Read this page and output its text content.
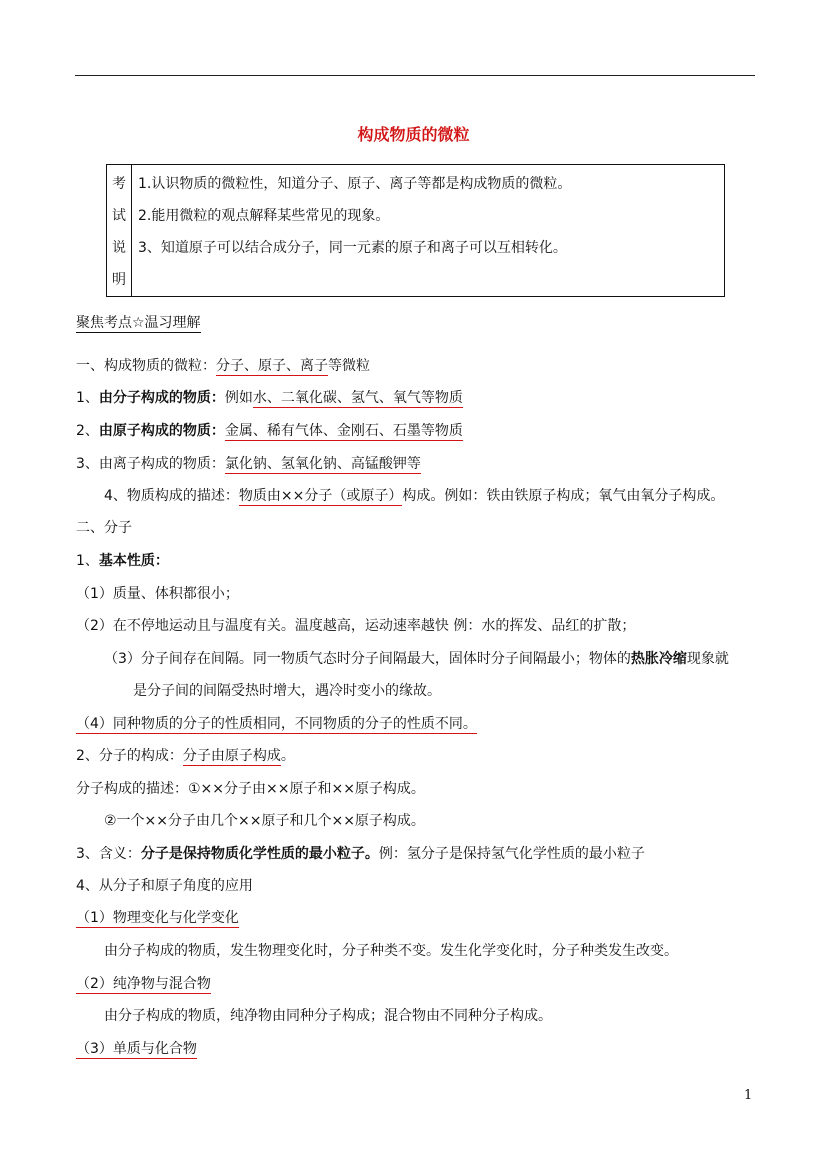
构成物质的微粒
考
试
说
明
1.认识物质的微粒性，知道分子、原子、离子等都是构成物质的微粒。
2.能用微粒的观点解释某些常见的现象。
3、知道原子可以结合成分子，同一元素的原子和离子可以互相转化。
聚焦考点☆温习理解
一、构成物质的微粒：分子、原子、离子等微粒
1、由分子构成的物质：例如水、二氧化碳、氢气、氧气等物质
2、由原子构成的物质：金属、稀有气体、金刚石、石墨等物质
3、由离子构成的物质：氯化钠、氢氧化钠、高锰酸钾等
4、物质构成的描述：物质由××分子（或原子）构成。例如：铁由铁原子构成；氧气由氧分子构成。
二、分子
1、基本性质：
（1）质量、体积都很小；
（2）在不停地运动且与温度有关。温度越高，运动速率越快 例：水的挥发、品红的扩散；
（3）分子间存在间隔。同一物质气态时分子间隔最大，固体时分子间隔最小；物体的热胀冷缩现象就
是分子间的间隔受热时增大，遇冷时变小的缘故。
（4）同种物质的分子的性质相同，不同物质的分子的性质不同。
2、分子的构成：分子由原子构成。
分子构成的描述：①××分子由××原子和××原子构成。
②一个××分子由几个××原子和几个××原子构成。
3、含义：分子是保持物质化学性质的最小粒子。例：氢分子是保持氢气化学性质的最小粒子
4、从分子和原子角度的应用
（1）物理变化与化学变化
由分子构成的物质，发生物理变化时，分子种类不变。发生化学变化时，分子种类发生改变。
（2）纯净物与混合物
由分子构成的物质，纯净物由同种分子构成；混合物由不同种分子构成。
（3）单质与化合物
1
